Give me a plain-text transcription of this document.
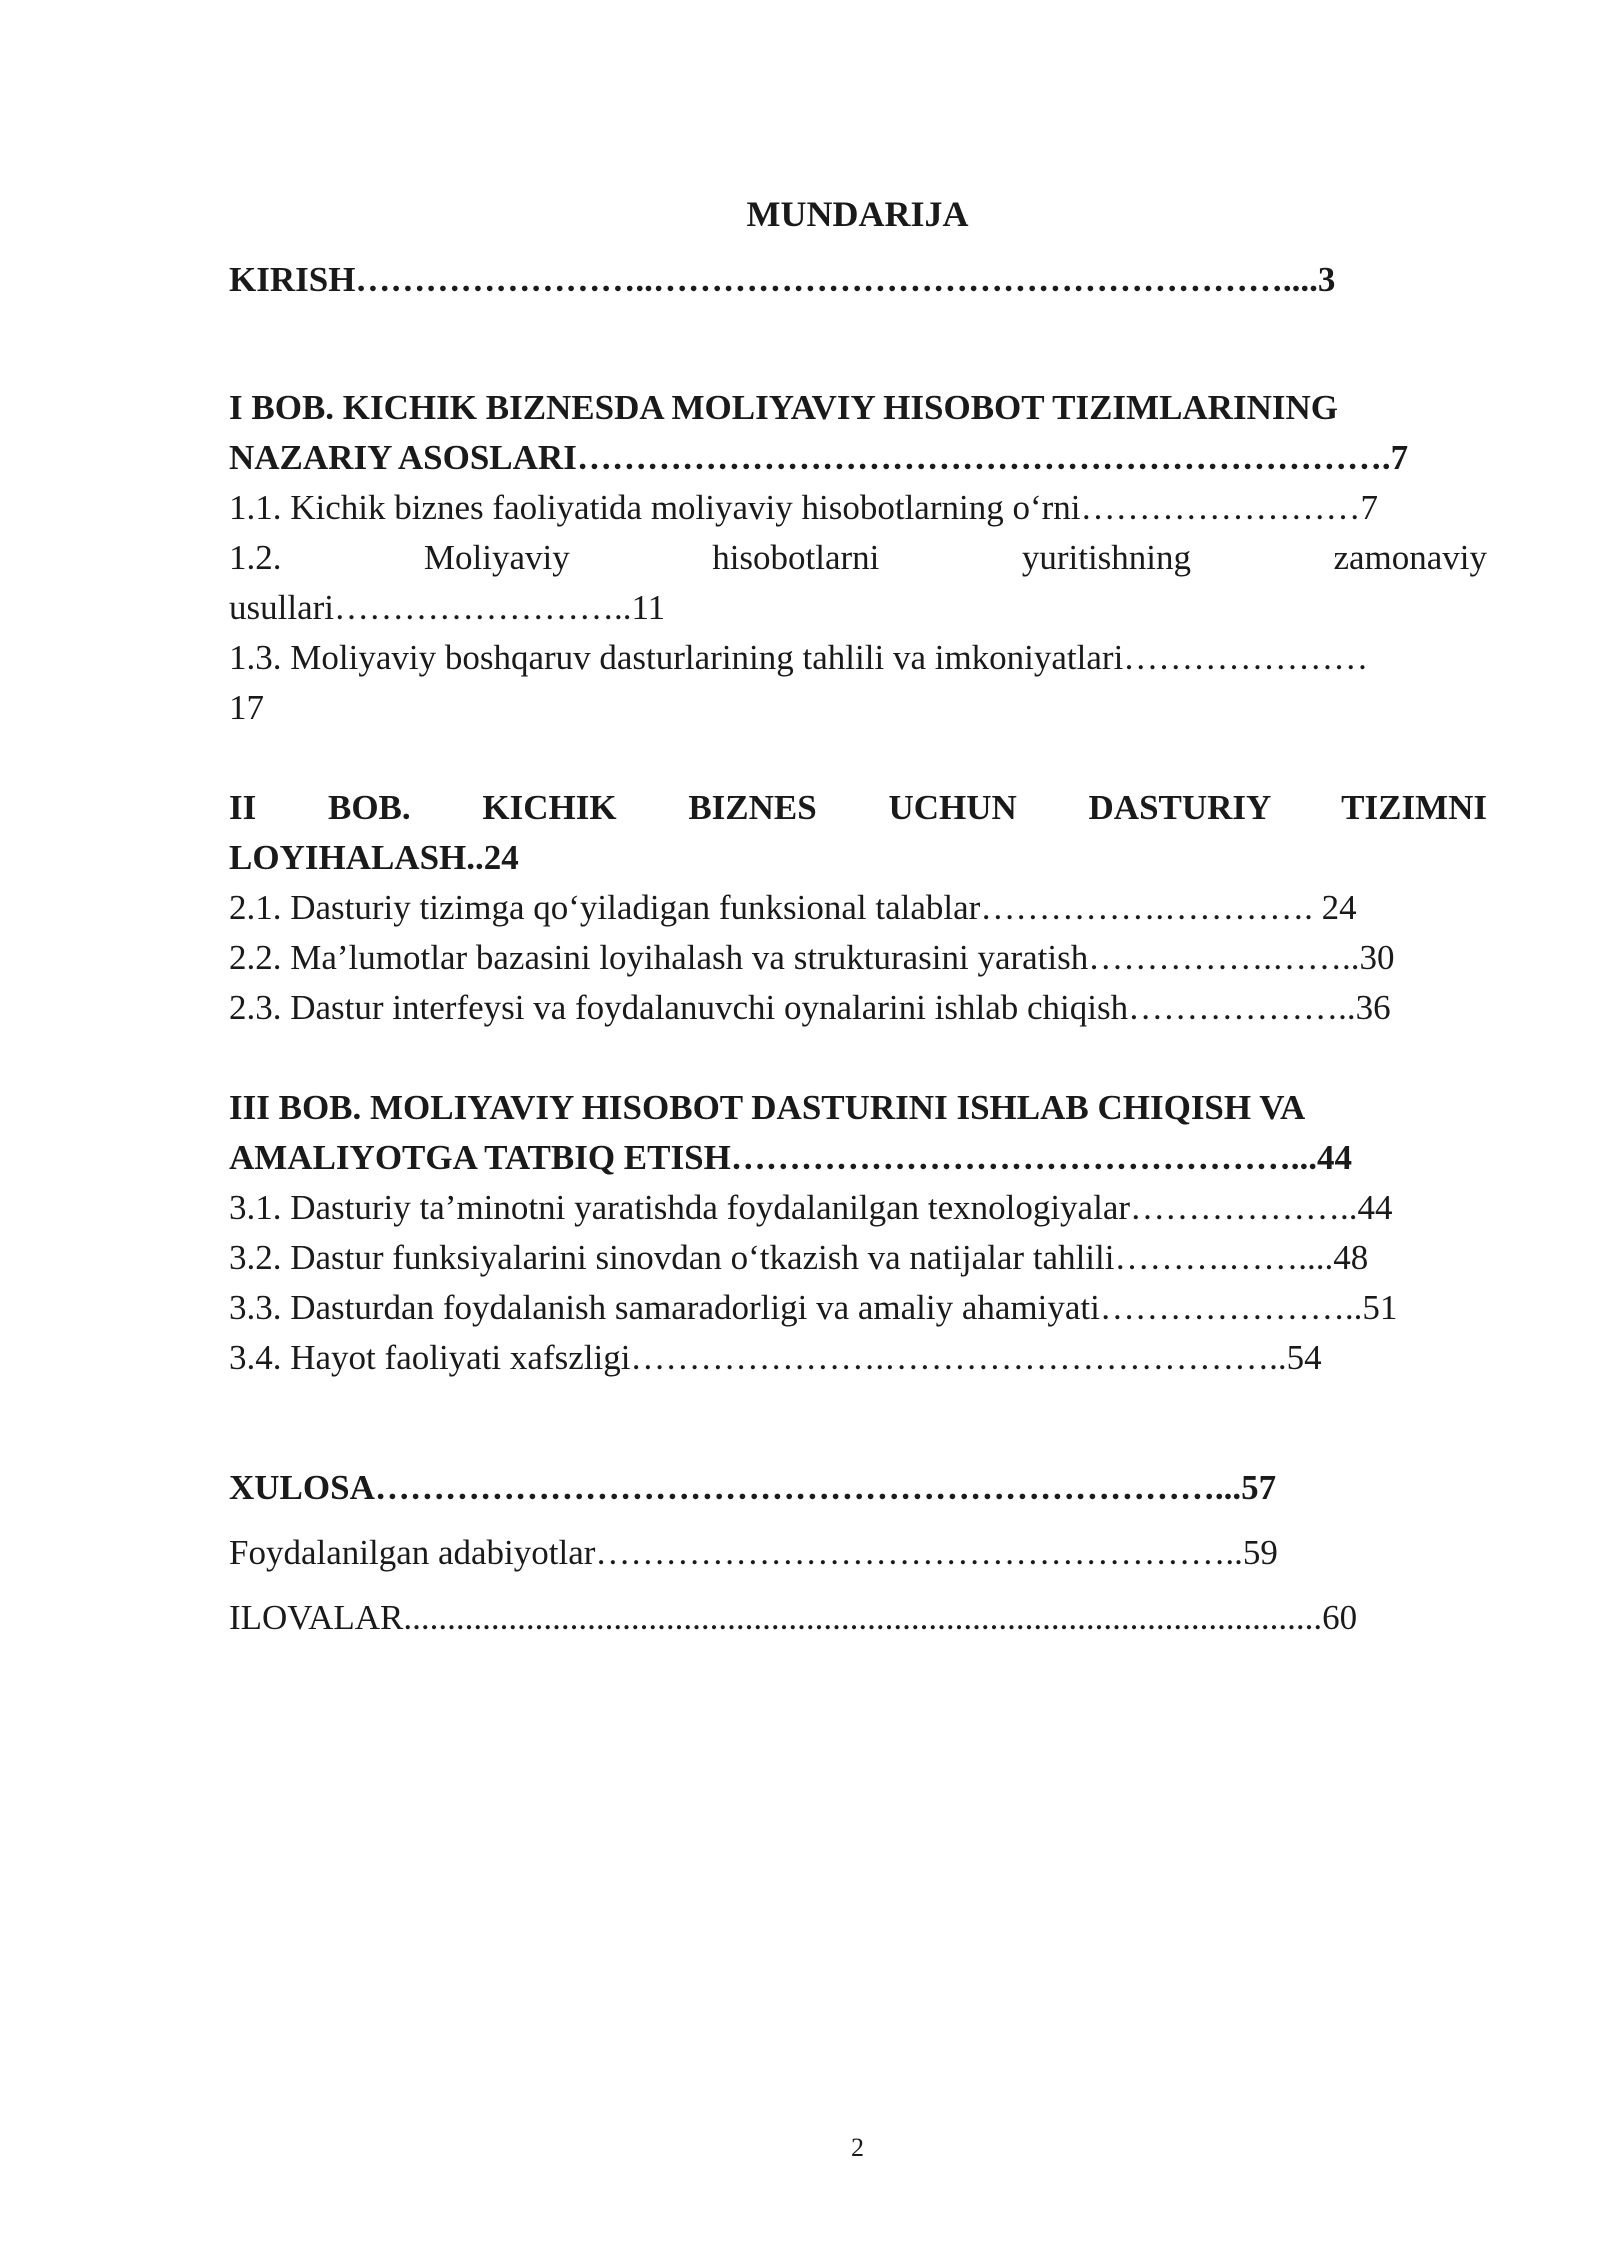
MUNDARIJA
KIRISH……………………..………………………………………………....3
I BOB. KICHIK BIZNESDA MOLIYAVIY HISOBOT TIZIMLARINING
NAZARIY ASOSLARI…………………………………………………………….7
1.1. Kichik biznes faoliyatida moliyaviy hisobotlarning o‘rni……………………7
1.2. Moliyaviy hisobotlarni yuritishning zamonaviy
usullari……………………..11
1.3. Moliyaviy boshqaruv dasturlarining tahlili va imkoniyatlari…………………
17
II BOB. KICHIK BIZNES UCHUN DASTURIY TIZIMNI
LOYIHALASH..24
2.1. Dasturiy tizimga qo‘yiladigan funksional talablar…………….…………. 24
2.2. Ma’lumotlar bazasini loyihalash va strukturasini yaratish…………….……..30
2.3. Dastur interfeysi va foydalanuvchi oynalarini ishlab chiqish………………..36
III BOB. MOLIYAVIY HISOBOT DASTURINI ISHLAB CHIQISH VA
AMALIYOTGA TATBIQ ETISH…………………………………………...44
3.1. Dasturiy ta’minotni yaratishda foydalanilgan texnologiyalar………………..44
3.2. Dastur funksiyalarini sinovdan o‘tkazish va natijalar tahlili……….……....48
3.3. Dasturdan foydalanish samaradorligi va amaliy ahamiyati…………………..51
3.4. Hayot faoliyati xafszligi………………….……………………………..54
XULOSA………………………………………………………………...57
Foydalanilgan adabiyotlar………………………………………………..59
ILOVALAR.........................................................................................................60
2
